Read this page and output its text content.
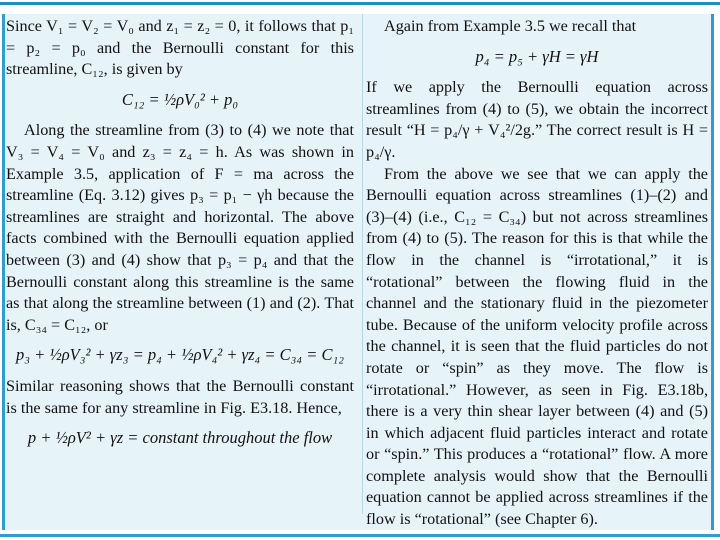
Since V₁ = V₂ = V₀ and z₁ = z₂ = 0, it follows that p₁ = p₂ = p₀ and the Bernoulli constant for this streamline, C₁₂, is given by

C₁₂ = ½ρV₀² + p₀

Along the streamline from (3) to (4) we note that V₃ = V₄ = V₀ and z₃ = z₄ = h. As was shown in Example 3.5, application of F = ma across the streamline (Eq. 3.12) gives p₃ = p₁ − γh because the streamlines are straight and horizontal. The above facts combined with the Bernoulli equation applied between (3) and (4) show that p₃ = p₄ and that the Bernoulli constant along this streamline is the same as that along the streamline between (1) and (2). That is, C₃₄ = C₁₂, or

p₃ + ½ρV₃² + γz₃ = p₄ + ½ρV₄² + γz₄ = C₃₄ = C₁₂

Similar reasoning shows that the Bernoulli constant is the same for any streamline in Fig. E3.18. Hence,

p + ½ρV² + γz = constant throughout the flow

Again from Example 3.5 we recall that

p₄ = p₅ + γH = γH

If we apply the Bernoulli equation across streamlines from (4) to (5), we obtain the incorrect result “H = p₄/γ + V₄²/2g.” The correct result is H = p₄/γ.

From the above we see that we can apply the Bernoulli equation across streamlines (1)–(2) and (3)–(4) (i.e., C₁₂ = C₃₄) but not across streamlines from (4) to (5). The reason for this is that while the flow in the channel is “irrotational,” it is “rotational” between the flowing fluid in the channel and the stationary fluid in the piezometer tube. Because of the uniform velocity profile across the channel, it is seen that the fluid particles do not rotate or “spin” as they move. The flow is “irrotational.” However, as seen in Fig. E3.18b, there is a very thin shear layer between (4) and (5) in which adjacent fluid particles interact and rotate or “spin.” This produces a “rotational” flow. A more complete analysis would show that the Bernoulli equation cannot be applied across streamlines if the flow is “rotational” (see Chapter 6).
